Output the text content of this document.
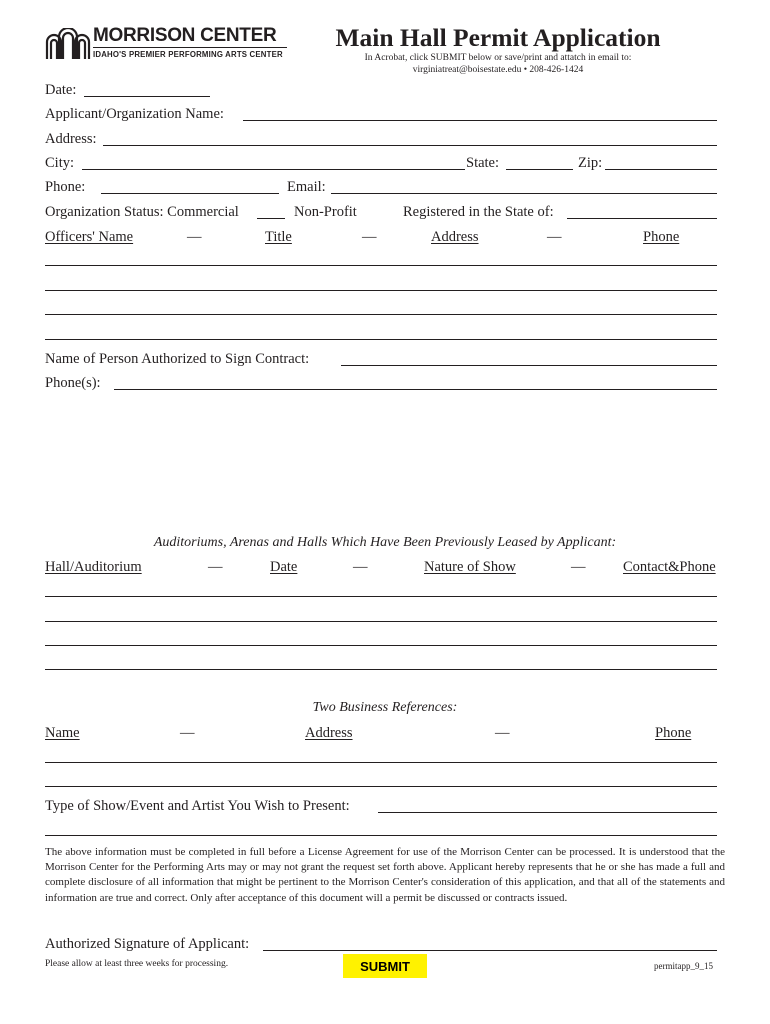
MORRISON CENTER
IDAHO'S PREMIER PERFORMING ARTS CENTER
Main Hall Permit Application
In Acrobat, click SUBMIT below or save/print and attatch in email to:
virginiatreat@boisestate.edu • 208-426-1424
Date:
Applicant/Organization Name:
Address:
City:	State:	Zip:
Phone:	Email:
Organization Status: Commercial	Non-Profit	Registered in the State of:
Officers' Name	—	Title	—	Address	—	Phone
Name of Person Authorized to Sign Contract:
Phone(s):
Auditoriums, Arenas and Halls Which Have Been Previously Leased by Applicant:
Hall/Auditorium	—	Date	—	Nature of Show	—	Contact&Phone
Two Business References:
Name	—	Address	—	Phone
Type of Show/Event and Artist You Wish to Present:
The above information must be completed in full before a License Agreement for use of the Morrison Center can be processed. It is understood that the Morrison Center for the Performing Arts may or may not grant the request set forth above. Applicant hereby represents that he or she has made a full and complete disclosure of all information that might be pertinent to the Morrison Center's consideration of this application, and that all of the statements and information are true and correct. Only after acceptance of this document will a permit be discussed or contracts issued.
Authorized Signature of Applicant:
Please allow at least three weeks for processing.	SUBMIT	permitapp_9_15
